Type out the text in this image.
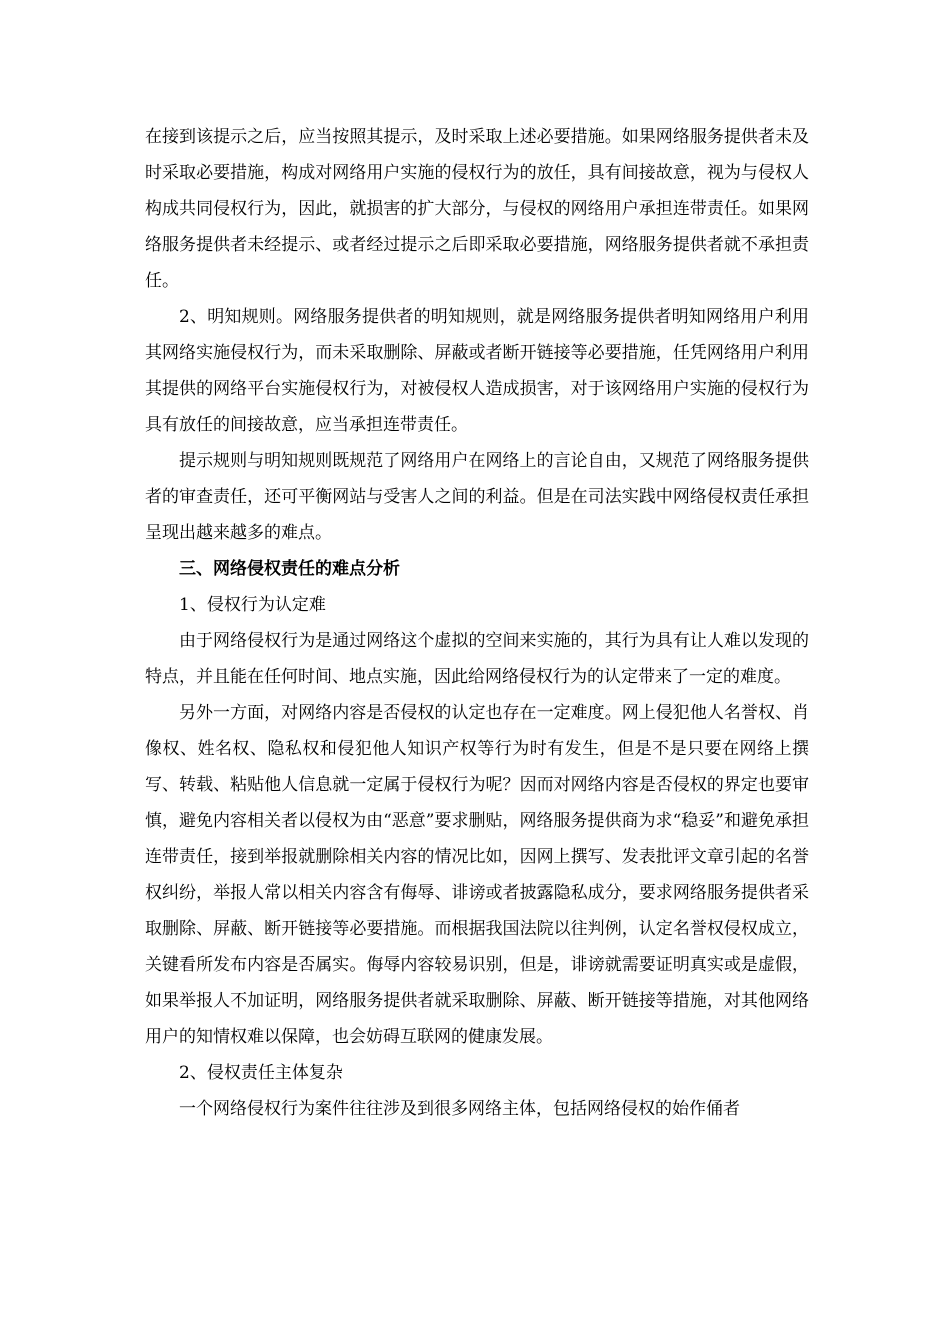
在接到该提示之后，应当按照其提示，及时采取上述必要措施。如果网络服务提供者未及时采取必要措施，构成对网络用户实施的侵权行为的放任，具有间接故意，视为与侵权人构成共同侵权行为，因此，就损害的扩大部分，与侵权的网络用户承担连带责任。如果网络服务提供者未经提示、或者经过提示之后即采取必要措施，网络服务提供者就不承担责任。

2、明知规则。网络服务提供者的明知规则，就是网络服务提供者明知网络用户利用其网络实施侵权行为，而未采取删除、屏蔽或者断开链接等必要措施，任凭网络用户利用其提供的网络平台实施侵权行为，对被侵权人造成损害，对于该网络用户实施的侵权行为具有放任的间接故意，应当承担连带责任。

提示规则与明知规则既规范了网络用户在网络上的言论自由，又规范了网络服务提供者的审查责任，还可平衡网站与受害人之间的利益。但是在司法实践中网络侵权责任承担呈现出越来越多的难点。

三、网络侵权责任的难点分析

1、侵权行为认定难

由于网络侵权行为是通过网络这个虚拟的空间来实施的，其行为具有让人难以发现的特点，并且能在任何时间、地点实施，因此给网络侵权行为的认定带来了一定的难度。

另外一方面，对网络内容是否侵权的认定也存在一定难度。网上侵犯他人名誉权、肖像权、姓名权、隐私权和侵犯他人知识产权等行为时有发生，但是不是只要在网络上撰写、转载、粘贴他人信息就一定属于侵权行为呢？因而对网络内容是否侵权的界定也要审慎，避免内容相关者以侵权为由“恶意”要求删贴，网络服务提供商为求“稳妥”和避免承担连带责任，接到举报就删除相关内容的情况比如，因网上撰写、发表批评文章引起的名誉权纠纷，举报人常以相关内容含有侮辱、诽谤或者披露隐私成分，要求网络服务提供者采取删除、屏蔽、断开链接等必要措施。而根据我国法院以往判例，认定名誉权侵权成立，关键看所发布内容是否属实。侮辱内容较易识别，但是，诽谤就需要证明真实或是虚假，如果举报人不加证明，网络服务提供者就采取删除、屏蔽、断开链接等措施，对其他网络用户的知情权难以保障，也会妨碍互联网的健康发展。

2、侵权责任主体复杂

一个网络侵权行为案件往往涉及到很多网络主体，包括网络侵权的始作俑者
